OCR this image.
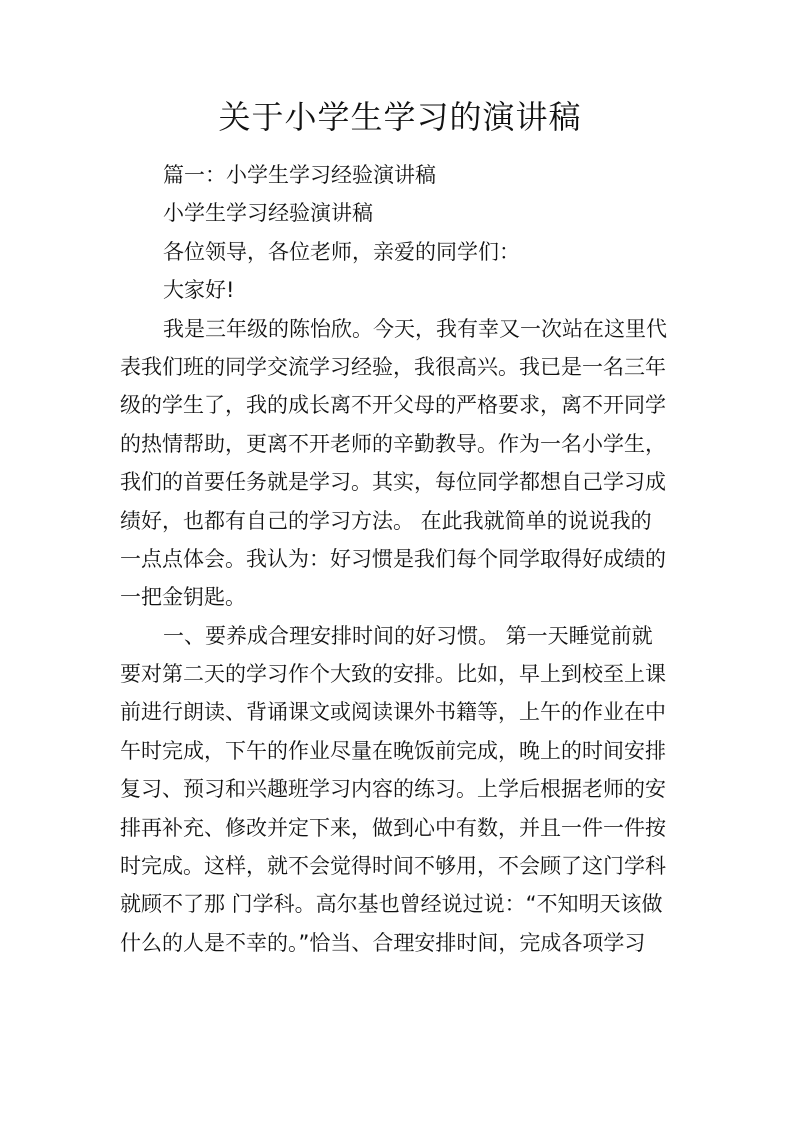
关于小学生学习的演讲稿
篇一：小学生学习经验演讲稿
小学生学习经验演讲稿
各位领导，各位老师，亲爱的同学们：
大家好!
我是三年级的陈怡欣。今天，我有幸又一次站在这里代
表我们班的同学交流学习经验，我很高兴。我已是一名三年
级的学生了，我的成长离不开父母的严格要求，离不开同学
的热情帮助，更离不开老师的辛勤教导。作为一名小学生，
我们的首要任务就是学习。其实，每位同学都想自己学习成
绩好，也都有自己的学习方法。 在此我就简单的说说我的
一点点体会。我认为：好习惯是我们每个同学取得好成绩的
一把金钥匙。
一、要养成合理安排时间的好习惯。 第一天睡觉前就
要对第二天的学习作个大致的安排。比如，早上到校至上课
前进行朗读、背诵课文或阅读课外书籍等，上午的作业在中
午时完成，下午的作业尽量在晚饭前完成，晚上的时间安排
复习、预习和兴趣班学习内容的练习。上学后根据老师的安
排再补充、修改并定下来，做到心中有数，并且一件一件按
时完成。这样，就不会觉得时间不够用，不会顾了这门学科
就顾不了那 门学科。高尔基也曾经说过说：“不知明天该做
什么的人是不幸的。”恰当、合理安排时间，完成各项学习
